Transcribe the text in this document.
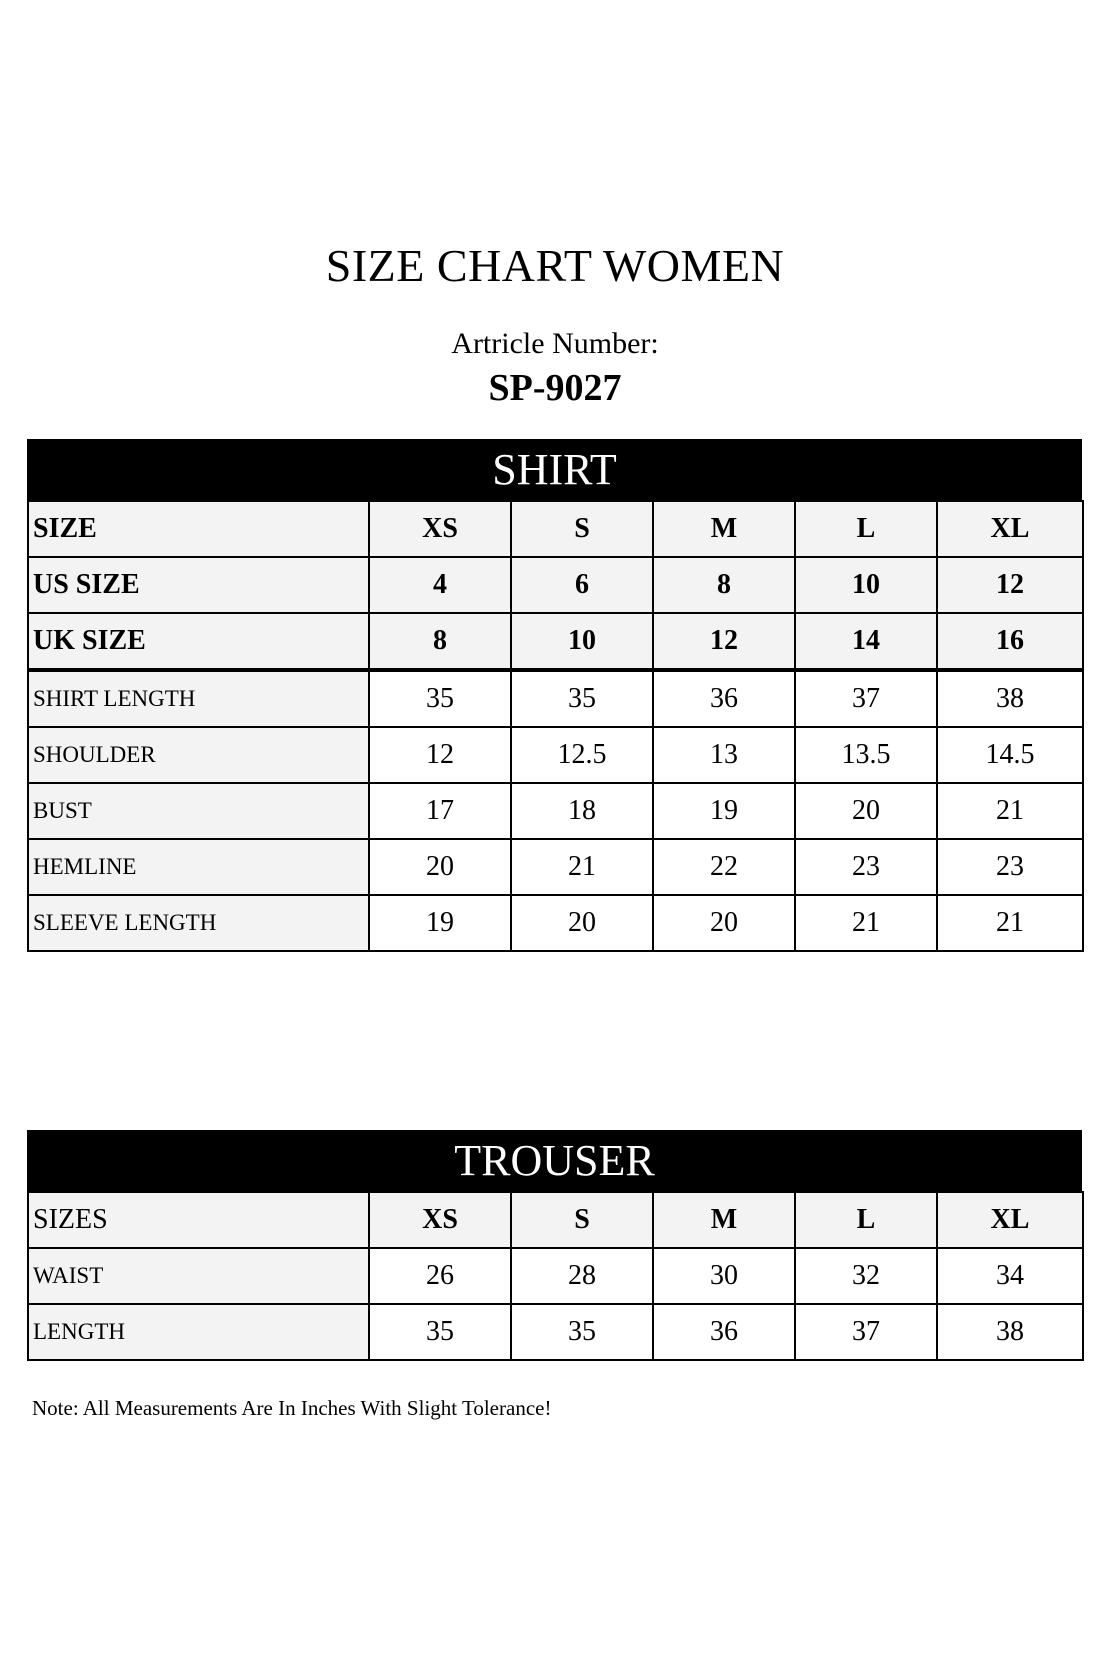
SIZE CHART WOMEN
Artricle Number:
SP-9027
SHIRT
SIZE	XS	S	M	L	XL
US SIZE	4	6	8	10	12
UK SIZE	8	10	12	14	16
SHIRT LENGTH	35	35	36	37	38
SHOULDER	12	12.5	13	13.5	14.5
BUST	17	18	19	20	21
HEMLINE	20	21	22	23	23
SLEEVE LENGTH	19	20	20	21	21
TROUSER
SIZES	XS	S	M	L	XL
WAIST	26	28	30	32	34
LENGTH	35	35	36	37	38
Note: All Measurements Are In Inches With Slight Tolerance!
